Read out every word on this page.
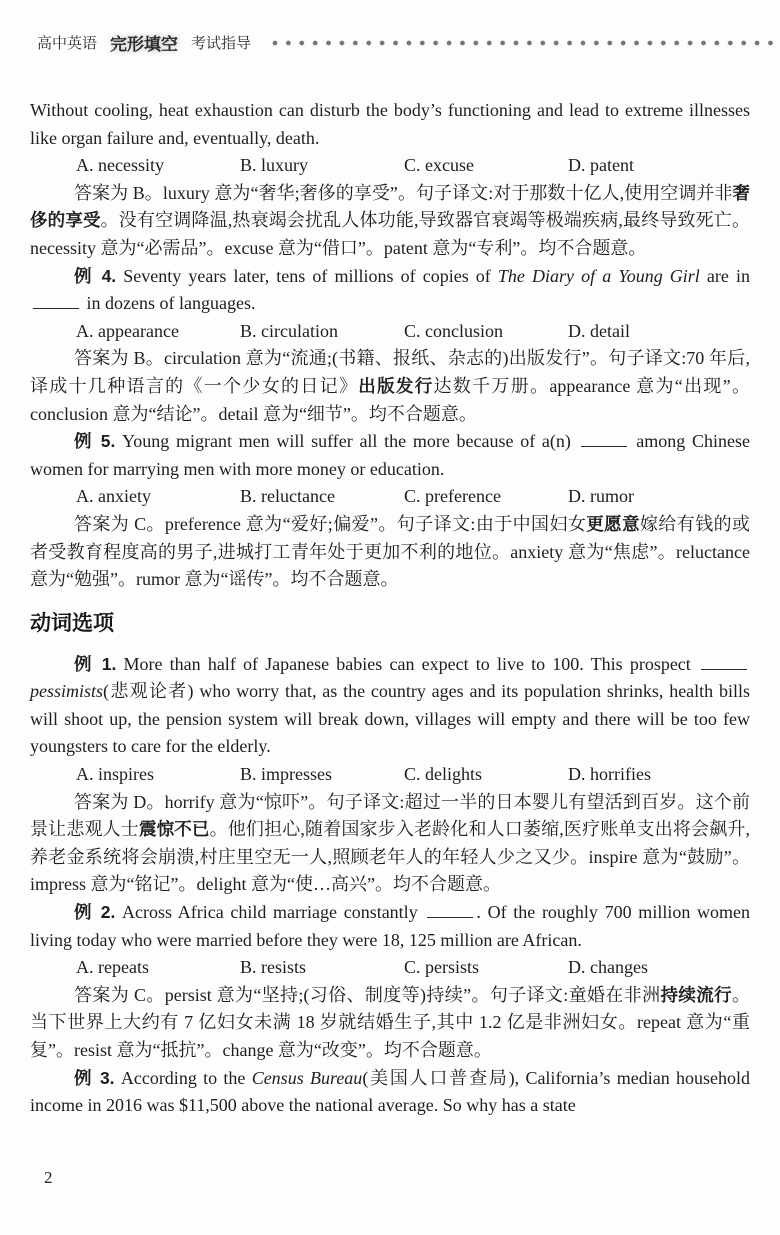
高中英语 完形填空 考试指导

Without cooling, heat exhaustion can disturb the body’s functioning and lead to extreme illnesses like organ failure and, eventually, death.

A. necessity	B. luxury	C. excuse	D. patent

答案为 B。luxury 意为“奢华;奢侈的享受”。句子译文:对于那数十亿人,使用空调并非奢侈的享受。没有空调降温,热衰竭会扰乱人体功能,导致器官衰竭等极端疾病,最终导致死亡。necessity 意为“必需品”。excuse 意为“借口”。patent 意为“专利”。均不合题意。

例 4. Seventy years later, tens of millions of copies of The Diary of a Young Girl are in  in dozens of languages.

A. appearance	B. circulation	C. conclusion	D. detail

答案为 B。circulation 意为“流通;(书籍、报纸、杂志的)出版发行”。句子译文:70 年后,译成十几种语言的《一个少女的日记》出版发行达数千万册。appearance 意为“出现”。conclusion 意为“结论”。detail 意为“细节”。均不合题意。

例 5. Young migrant men will suffer all the more because of a(n)	among Chinese women for marrying men with more money or education.

A. anxiety	B. reluctance	C. preference	D. rumor

答案为 C。preference 意为“爱好;偏爱”。句子译文:由于中国妇女更愿意嫁给有钱的或者受教育程度高的男子,进城打工青年处于更加不利的地位。anxiety 意为“焦虑”。reluctance 意为“勉强”。rumor 意为“谣传”。均不合题意。

动词选项

例 1. More than half of Japanese babies can expect to live to 100. This prospect  pessimists(悲观论者) who worry that, as the country ages and its population shrinks, health bills will shoot up, the pension system will break down, villages will empty and there will be too few youngsters to care for the elderly.

A. inspires	B. impresses	C. delights	D. horrifies

答案为 D。horrify 意为“惊吓”。句子译文:超过一半的日本婴儿有望活到百岁。这个前景让悲观人士震惊不已。他们担心,随着国家步入老龄化和人口萎缩,医疗账单支出将会飙升,养老金系统将会崩溃,村庄里空无一人,照顾老年人的年轻人少之又少。inspire 意为“鼓励”。impress 意为“铭记”。delight 意为“使…高兴”。均不合题意。

例 2. Across Africa child marriage constantly	. Of the roughly 700 million women living today who were married before they were 18, 125 million are African.

A. repeats	B. resists	C. persists	D. changes

答案为 C。persist 意为“坚持;(习俗、制度等)持续”。句子译文:童婚在非洲持续流行。当下世界上大约有 7 亿妇女未满 18 岁就结婚生子,其中 1.2 亿是非洲妇女。repeat 意为“重复”。resist 意为“抵抗”。change 意为“改变”。均不合题意。

例 3. According to the Census Bureau(美国人口普查局), California’s median household income in 2016 was $11,500 above the national average. So why has a state

2
